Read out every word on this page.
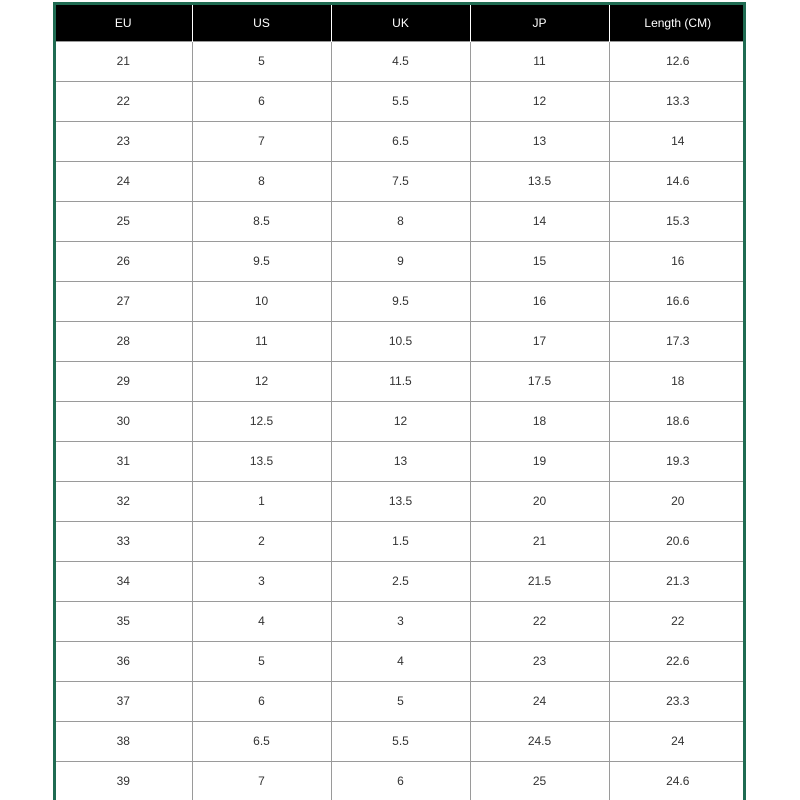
EU	US	UK	JP	Length (CM)
21	5	4.5	11	12.6
22	6	5.5	12	13.3
23	7	6.5	13	14
24	8	7.5	13.5	14.6
25	8.5	8	14	15.3
26	9.5	9	15	16
27	10	9.5	16	16.6
28	11	10.5	17	17.3
29	12	11.5	17.5	18
30	12.5	12	18	18.6
31	13.5	13	19	19.3
32	1	13.5	20	20
33	2	1.5	21	20.6
34	3	2.5	21.5	21.3
35	4	3	22	22
36	5	4	23	22.6
37	6	5	24	23.3
38	6.5	5.5	24.5	24
39	7	6	25	24.6
